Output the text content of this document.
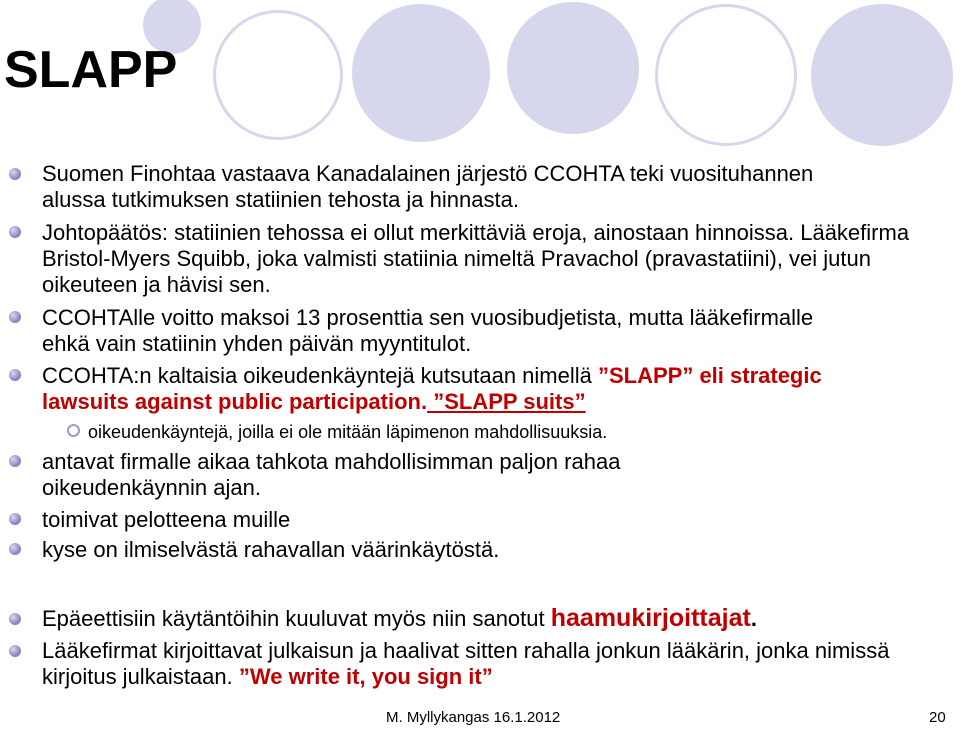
SLAPP
Suomen Finohtaa vastaava Kanadalainen järjestö CCOHTA teki vuosituhannen alussa tutkimuksen statiinien tehosta ja hinnasta.
Johtopäätös: statiinien tehossa ei ollut merkittäviä eroja, ainostaan hinnoissa. Lääkefirma Bristol-Myers Squibb, joka valmisti statiinia nimeltä Pravachol (pravastatiini), vei jutun oikeuteen ja hävisi sen.
CCOHTAlle voitto maksoi 13 prosenttia sen vuosibudjetista, mutta lääkefirmalle ehkä vain statiinin yhden päivän myyntitulot.
CCOHTA:n kaltaisia oikeudenkäyntejä kutsutaan nimellä ”SLAPP” eli strategic lawsuits against public participation. ”SLAPP suits”
oikeudenkäyntejä, joilla ei ole mitään läpimenon mahdollisuuksia.
antavat firmalle aikaa tahkota mahdollisimman paljon rahaa oikeudenkäynnin ajan.
toimivat pelotteena muille
kyse on ilmiselvästä rahavallan väärinkäytöstä.
Epäeettisiin käytäntöihin kuuluvat myös niin sanotut haamukirjoittajat.
Lääkefirmat kirjoittavat julkaisun ja haalivat sitten rahalla jonkun lääkärin, jonka nimissä kirjoitus julkaistaan. ”We write it, you sign it”
M. Myllykangas 16.1.2012	20
